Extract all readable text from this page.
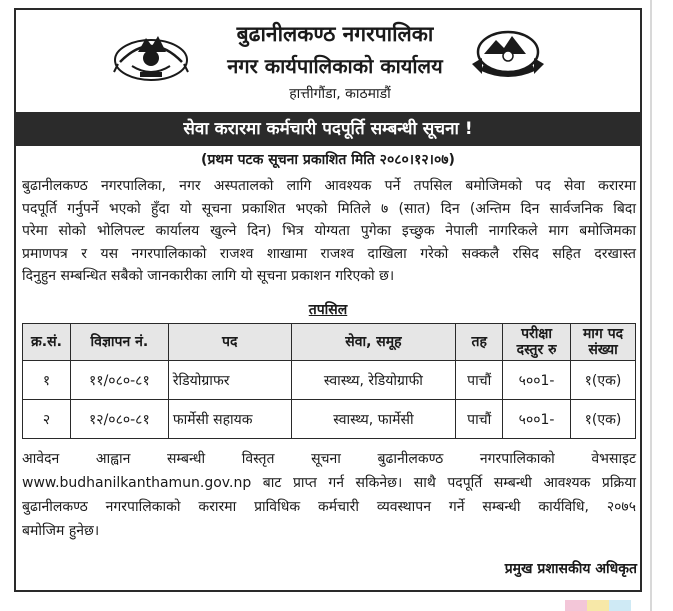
बुढानीलकण्ठ नगरपालिका
नगर कार्यपालिकाको कार्यालय
हात्तीगौंडा, काठमाडौं
सेवा करारमा कर्मचारी पदपूर्ति सम्बन्धी सूचना !
(प्रथम पटक सूचना प्रकाशित मिति २०८०।१२।०७)
बुढानीलकण्ठ नगरपालिका, नगर अस्पतालको लागि आवश्यक पर्ने तपसिल बमोजिमको पद सेवा करारमा
पदपूर्ति गर्नुपर्ने भएको हुँदा यो सूचना प्रकाशित भएको मितिले ७ (सात) दिन (अन्तिम दिन सार्वजनिक बिदा
परेमा सोको भोलिपल्ट कार्यालय खुल्ने दिन) भित्र योग्यता पुगेका इच्छुक नेपाली नागरिकले माग बमोजिमका
प्रमाणपत्र र यस नगरपालिकाको राजश्व शाखामा राजश्व दाखिला गरेको सक्कलै रसिद सहित दरखास्त
दिनुहुन सम्बन्धित सबैको जानकारीका लागि यो सूचना प्रकाशन गरिएको छ।
तपसिल
क्र.सं.	विज्ञापन नं.	पद	सेवा, समूह	तह	परीक्षा
दस्तुर रु	माग पद
संख्या
१	११/०८०-८१	रेडियोग्राफर	स्वास्थ्य, रेडियोग्राफी	पाचौं	५००1-	१(एक)
२	१२/०८०-८१	फार्मेसी सहायक	स्वास्थ्य, फार्मेसी	पाचौं	५००1-	१(एक)
आवेदन आह्वान सम्बन्धी विस्तृत सूचना बुढानीलकण्ठ नगरपालिकाको वेभसाइट
www.budhanilkanthamun.gov.np बाट प्राप्त गर्न सकिनेछ। साथै पदपूर्ति सम्बन्धी आवश्यक प्रक्रिया
बुढानीलकण्ठ नगरपालिकाको करारमा प्राविधिक कर्मचारी व्यवस्थापन गर्ने सम्बन्धी कार्यविधि, २०७५
बमोजिम हुनेछ।
प्रमुख प्रशासकीय अधिकृत
